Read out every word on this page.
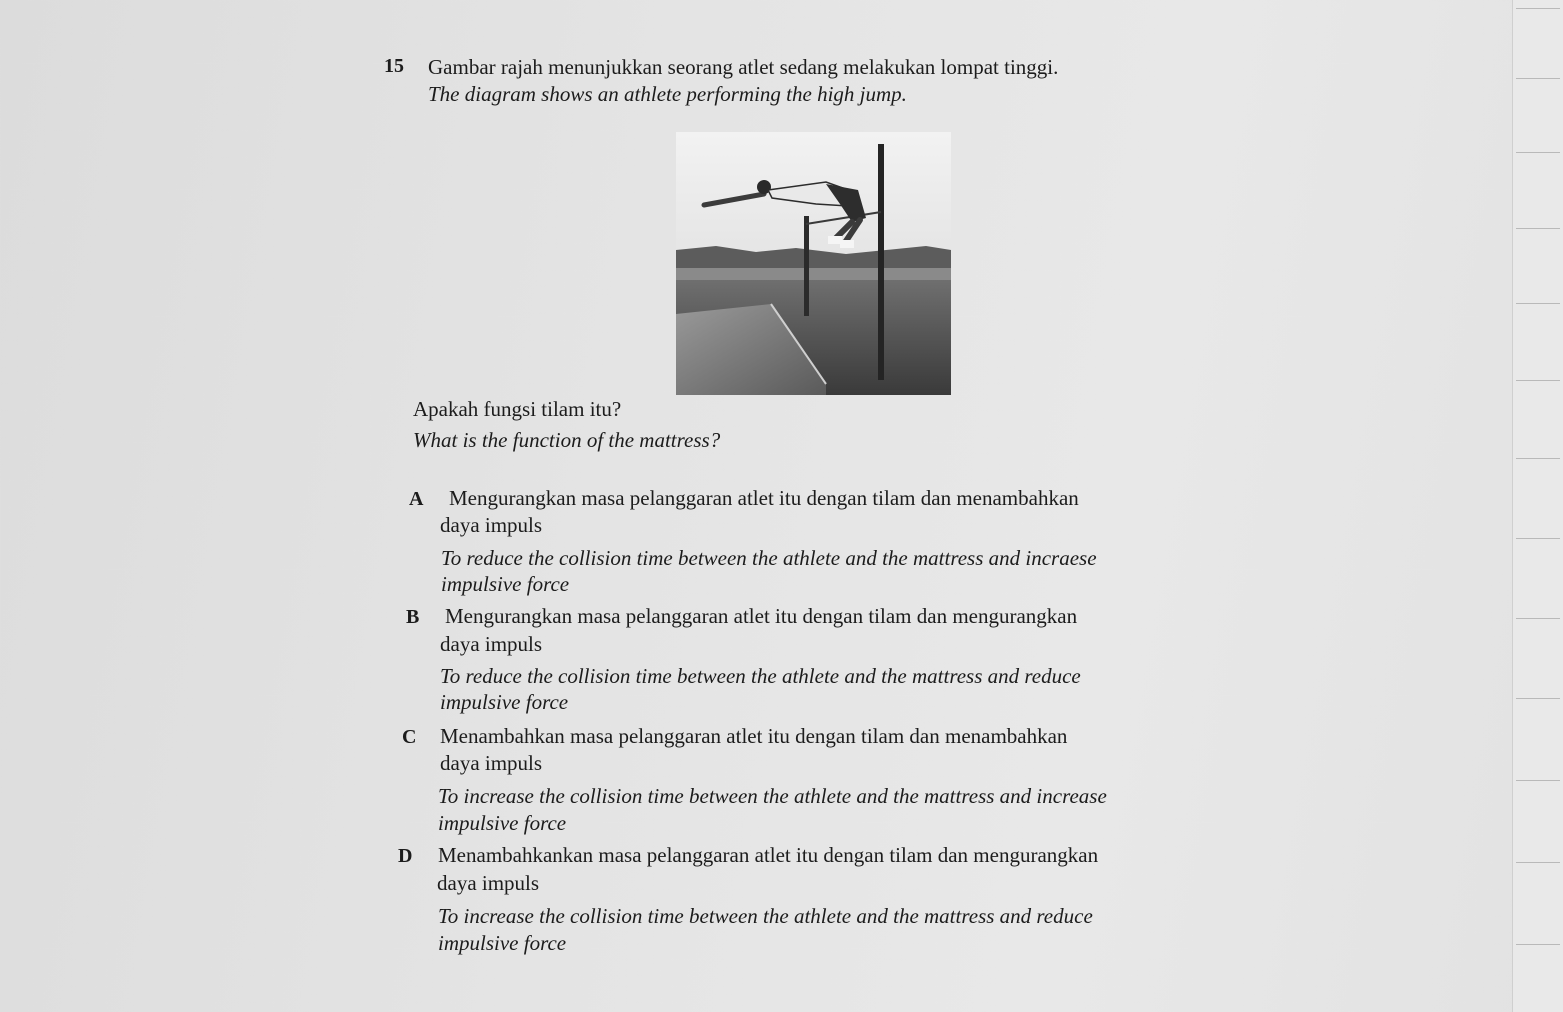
15 Gambar rajah menunjukkan seorang atlet sedang melakukan lompat tinggi.
The diagram shows an athlete performing the high jump.
Apakah fungsi tilam itu?
What is the function of the mattress?
A Mengurangkan masa pelanggaran atlet itu dengan tilam dan menambahkan
daya impuls
To reduce the collision time between the athlete and the mattress and incraese
impulsive force
B Mengurangkan masa pelanggaran atlet itu dengan tilam dan mengurangkan
daya impuls
To reduce the collision time between the athlete and the mattress and reduce
impulsive force
C Menambahkan masa pelanggaran atlet itu dengan tilam dan menambahkan
daya impuls
To increase the collision time between the athlete and the mattress and increase
impulsive force
D Menambahkankan masa pelanggaran atlet itu dengan tilam dan mengurangkan
daya impuls
To increase the collision time between the athlete and the mattress and reduce
impulsive force
